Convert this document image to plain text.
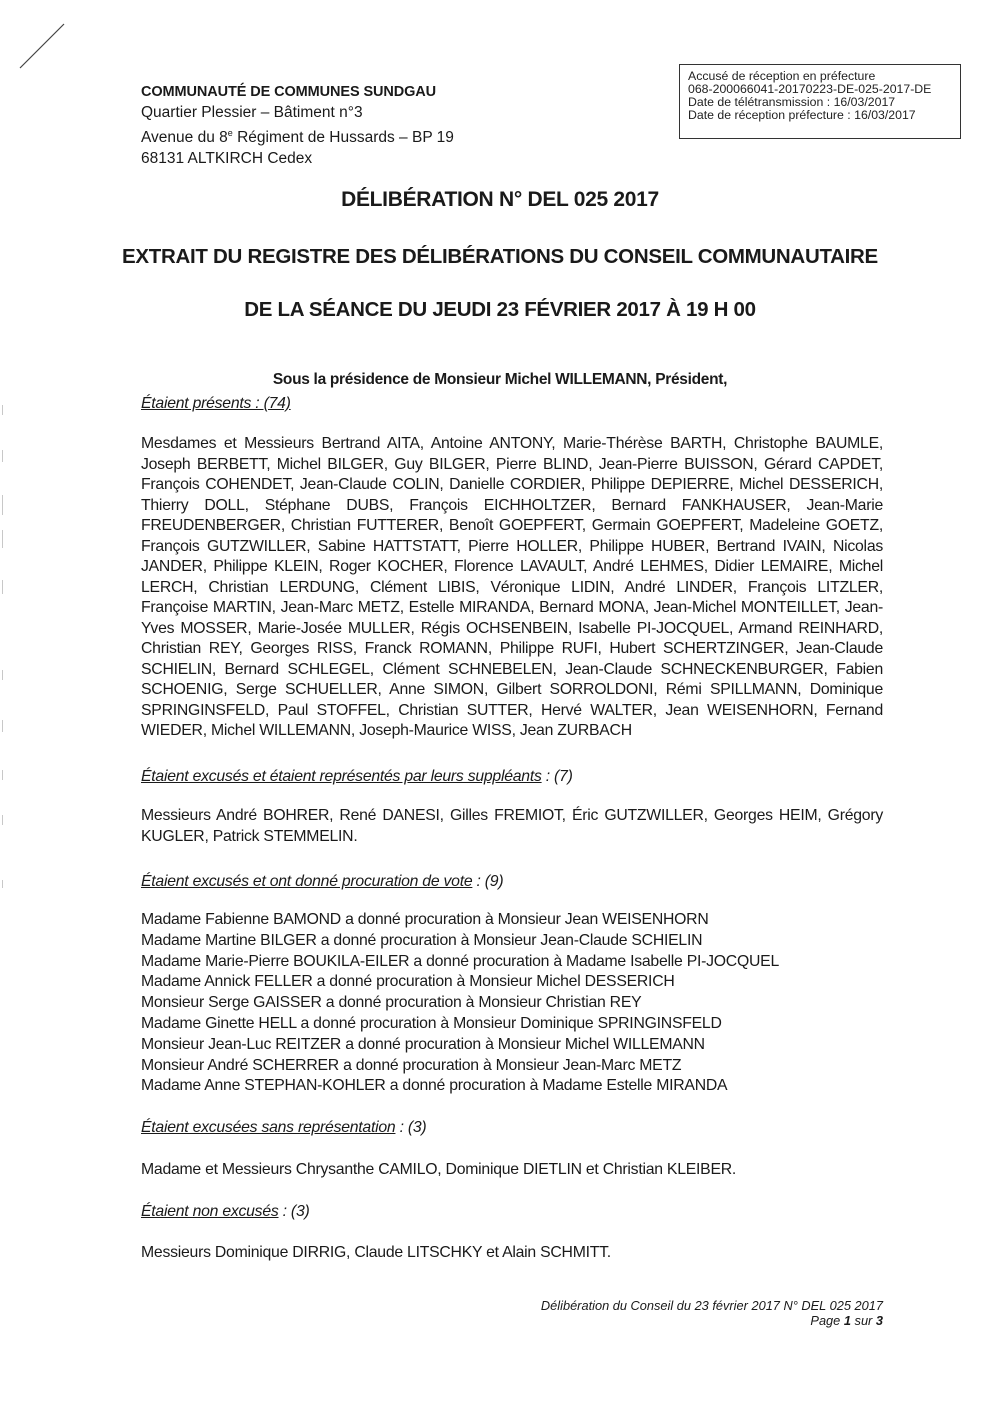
COMMUNAUTÉ DE COMMUNES SUNDGAU
Quartier Plessier – Bâtiment n°3
Avenue du 8e Régiment de Hussards – BP 19
68131 ALTKIRCH Cedex
Accusé de réception en préfecture
068-200066041-20170223-DE-025-2017-DE
Date de télétransmission : 16/03/2017
Date de réception préfecture : 16/03/2017
DÉLIBÉRATION N° DEL 025 2017
EXTRAIT DU REGISTRE DES DÉLIBÉRATIONS DU CONSEIL COMMUNAUTAIRE
DE LA SÉANCE DU JEUDI 23 FÉVRIER 2017 À 19 H 00
Sous la présidence de Monsieur Michel WILLEMANN, Président,
Étaient présents : (74)
Mesdames et Messieurs Bertrand AITA, Antoine ANTONY, Marie-Thérèse BARTH, Christophe BAUMLE, Joseph BERBETT, Michel BILGER, Guy BILGER, Pierre BLIND, Jean-Pierre BUISSON, Gérard CAPDET, François COHENDET, Jean-Claude COLIN, Danielle CORDIER, Philippe DEPIERRE, Michel DESSERICH, Thierry DOLL, Stéphane DUBS, François EICHHOLTZER, Bernard FANKHAUSER, Jean-Marie FREUDENBERGER, Christian FUTTERER, Benoît GOEPFERT, Germain GOEPFERT, Madeleine GOETZ, François GUTZWILLER, Sabine HATTSTATT, Pierre HOLLER, Philippe HUBER, Bertrand IVAIN, Nicolas JANDER, Philippe KLEIN, Roger KOCHER, Florence LAVAULT, André LEHMES, Didier LEMAIRE, Michel LERCH, Christian LERDUNG, Clément LIBIS, Véronique LIDIN, André LINDER, François LITZLER, Françoise MARTIN, Jean-Marc METZ, Estelle MIRANDA, Bernard MONA, Jean-Michel MONTEILLET, Jean-Yves MOSSER, Marie-Josée MULLER, Régis OCHSENBEIN, Isabelle PI-JOCQUEL, Armand REINHARD, Christian REY, Georges RISS, Franck ROMANN, Philippe RUFI, Hubert SCHERTZINGER, Jean-Claude SCHIELIN, Bernard SCHLEGEL, Clément SCHNEBELEN, Jean-Claude SCHNECKENBURGER, Fabien SCHOENIG, Serge SCHUELLER, Anne SIMON, Gilbert SORROLDONI, Rémi SPILLMANN, Dominique SPRINGINSFELD, Paul STOFFEL, Christian SUTTER, Hervé WALTER, Jean WEISENHORN, Fernand WIEDER, Michel WILLEMANN, Joseph-Maurice WISS, Jean ZURBACH
Étaient excusés et étaient représentés par leurs suppléants : (7)
Messieurs André BOHRER, René DANESI, Gilles FREMIOT, Éric GUTZWILLER, Georges HEIM, Grégory KUGLER, Patrick STEMMELIN.
Étaient excusés et ont donné procuration de vote : (9)
Madame Fabienne BAMOND a donné procuration à Monsieur Jean WEISENHORN
Madame Martine BILGER a donné procuration à Monsieur Jean-Claude SCHIELIN
Madame Marie-Pierre BOUKILA-EILER a donné procuration à Madame Isabelle PI-JOCQUEL
Madame Annick FELLER a donné procuration à Monsieur Michel DESSERICH
Monsieur Serge GAISSER a donné procuration à Monsieur Christian REY
Madame Ginette HELL a donné procuration à Monsieur Dominique SPRINGINSFELD
Monsieur Jean-Luc REITZER a donné procuration à Monsieur Michel WILLEMANN
Monsieur André SCHERRER a donné procuration à Monsieur Jean-Marc METZ
Madame Anne STEPHAN-KOHLER a donné procuration à Madame Estelle MIRANDA
Étaient excusées sans représentation : (3)
Madame et Messieurs Chrysanthe CAMILO, Dominique DIETLIN et Christian KLEIBER.
Étaient non excusés : (3)
Messieurs Dominique DIRRIG, Claude LITSCHKY et Alain SCHMITT.
Délibération du Conseil du 23 février 2017 N° DEL 025 2017
Page 1 sur 3
